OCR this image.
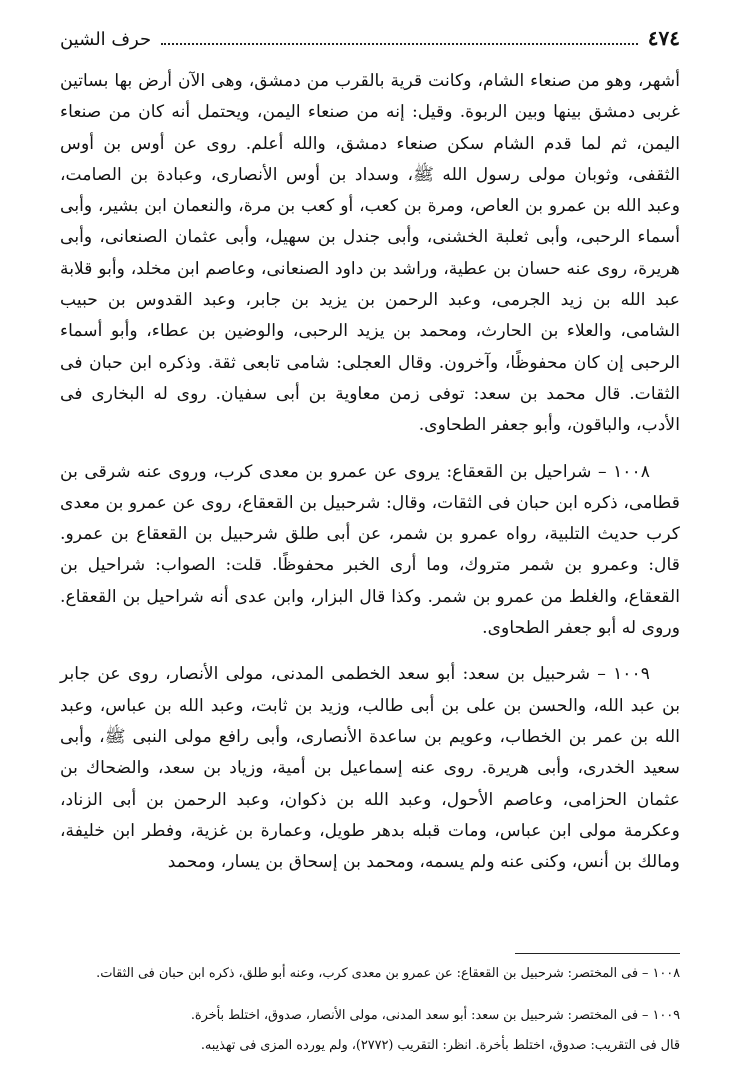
٤٧٤
حرف الشين

أشهر، وهو من صنعاء الشام، وكانت قرية بالقرب من دمشق، وهى الآن أرض بها بساتين غربى دمشق بينها وبين الربوة. وقيل: إنه من صنعاء اليمن، ويحتمل أنه كان من صنعاء اليمن، ثم لما قدم الشام سكن صنعاء دمشق، والله أعلم. روى عن أوس بن أوس الثقفى، وثوبان مولى رسول الله ﷺ، وسداد بن أوس الأنصارى، وعبادة بن الصامت، وعبد الله بن عمرو بن العاص، ومرة بن كعب، أو كعب بن مرة، والنعمان ابن بشير، وأبى أسماء الرحبى، وأبى ثعلبة الخشنى، وأبى جندل بن سهيل، وأبى عثمان الصنعانى، وأبى هريرة، روى عنه حسان بن عطية، وراشد بن داود الصنعانى، وعاصم ابن مخلد، وأبو قلابة عبد الله بن زيد الجرمى، وعبد الرحمن بن يزيد بن جابر، وعبد القدوس بن حبيب الشامى، والعلاء بن الحارث، ومحمد بن يزيد الرحبى، والوضين بن عطاء، وأبو أسماء الرحبى إن كان محفوظًا، وآخرون. وقال العجلى: شامى تابعى ثقة. وذكره ابن حبان فى الثقات. قال محمد بن سعد: توفى زمن معاوية بن أبى سفيان. روى له البخارى فى الأدب، والباقون، وأبو جعفر الطحاوى.

١٠٠٨ – شراحيل بن القعقاع: يروى عن عمرو بن معدى كرب، وروى عنه شرقى بن قطامى، ذكره ابن حبان فى الثقات، وقال: شرحبيل بن القعقاع، روى عن عمرو بن معدى كرب حديث التلبية، رواه عمرو بن شمر، عن أبى طلق شرحبيل بن القعقاع بن عمرو. قال: وعمرو بن شمر متروك، وما أرى الخبر محفوظًا. قلت: الصواب: شراحيل بن القعقاع، والغلط من عمرو بن شمر. وكذا قال البزار، وابن عدى أنه شراحيل بن القعقاع. وروى له أبو جعفر الطحاوى.

١٠٠٩ – شرحبيل بن سعد: أبو سعد الخطمى المدنى، مولى الأنصار، روى عن جابر بن عبد الله، والحسن بن على بن أبى طالب، وزيد بن ثابت، وعبد الله بن عباس، وعبد الله بن عمر بن الخطاب، وعويم بن ساعدة الأنصارى، وأبى رافع مولى النبى ﷺ، وأبى سعيد الخدرى، وأبى هريرة. روى عنه إسماعيل بن أمية، وزياد بن سعد، والضحاك بن عثمان الحزامى، وعاصم الأحول، وعبد الله بن ذكوان، وعبد الرحمن بن أبى الزناد، وعكرمة مولى ابن عباس، ومات قبله بدهر طويل، وعمارة بن غزية، وفطر ابن خليفة، ومالك بن أنس، وكنى عنه ولم يسمه، ومحمد بن إسحاق بن يسار، ومحمد

١٠٠٨ – فى المختصر: شرحبيل بن القعقاع: عن عمرو بن معدى كرب، وعنه أبو طلق، ذكره ابن حبان فى الثقات.

١٠٠٩ – فى المختصر: شرحبيل بن سعد: أبو سعد المدنى، مولى الأنصار، صدوق، اختلط بأخرة.

قال فى التقريب: صدوق، اختلط بأخرة. انظر: التقريب (٢٧٧٢)، ولم يورده المزى فى تهذيبه.
